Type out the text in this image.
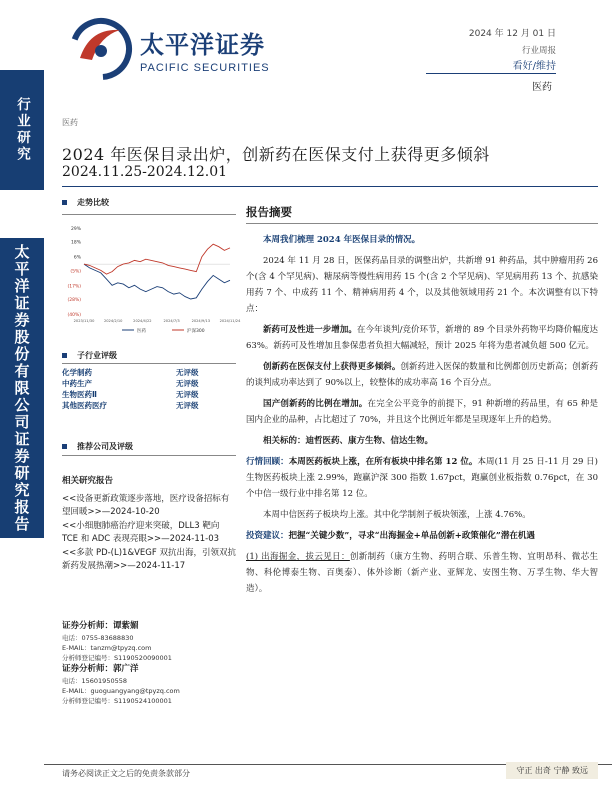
行业研究
太平洋证券股份有限公司证券研究报告
太平洋证券
PACIFIC SECURITIES
2024 年 12 月 01 日
行业周报
看好/维持
医药
医药
2024 年医保目录出炉，创新药在医保支付上获得更多倾斜
2024.11.25-2024.12.01
走势比较
29%
18%
6%
(5%)
(17%)
(28%)
(40%)
2023/11/30	2024/2/10	2024/4/22	2024/7/3	2024/9/13	2024/11/24
医药	沪深300
子行业评级
化学制药	无评级
中药生产	无评级
生物医药Ⅱ	无评级
其他医药医疗	无评级
推荐公司及评级
相关研究报告
<<设备更新政策逐步落地，医疗设备招标有望回暖>>—2024-10-20
<<小细胞肺癌治疗迎来突破，DLL3 靶向 TCE 和 ADC 表现亮眼>>—2024-11-03
<<多款 PD-(L)1&VEGF 双抗出海，引领双抗新药发展热潮>>—2024-11-17
证券分析师：谭紫媚
电话：0755-83688830
E-MAIL：tanzm@tpyzq.com
分析师登记编号：S1190520090001
证券分析师：郭广洋
电话：15601950558
E-MAIL：guoguangyang@tpyzq.com
分析师登记编号：S1190524100001
报告摘要
本周我们梳理 2024 年医保目录的情况。
2024 年 11 月 28 日，医保药品目录的调整出炉，共新增 91 种药品，其中肿瘤用药 26 个(含 4 个罕见病)、糖尿病等慢性病用药 15 个(含 2 个罕见病)、罕见病用药 13 个、抗感染用药 7 个、中成药 11 个、精神病用药 4 个，以及其他领域用药 21 个。本次调整有以下特点：
新药可及性进一步增加。在今年谈判/竞价环节，新增的 89 个目录外药物平均降价幅度达 63%。新药可及性增加且参保患者负担大幅减轻，预计 2025 年将为患者减负超 500 亿元。
创新药在医保支付上获得更多倾斜。创新药进入医保的数量和比例都创历史新高；创新药的谈判成功率达到了 90%以上，较整体的成功率高 16 个百分点。
国产创新药的比例在增加。在完全公平竞争的前提下，91 种新增的药品里，有 65 种是国内企业的品种，占比超过了 70%，并且这个比例近年都是呈现逐年上升的趋势。
相关标的：迪哲医药、康方生物、信达生物。
行情回顾：本周医药板块上涨，在所有板块中排名第 12 位。本周(11 月 25 日-11 月 29 日)生物医药板块上涨 2.99%，跑赢沪深 300 指数 1.67pct，跑赢创业板指数 0.76pct，在 30 个中信一级行业中排名第 12 位。
本周中信医药子板块均上涨。其中化学制剂子板块领涨，上涨 4.76%。
投资建议：把握“关键少数”，寻求“出海掘金+单品创新+政策催化”潜在机遇
(1) 出海掘金，拔云见日：创新制药（康方生物、药明合联、乐普生物、宜明昂科、微芯生物、科伦博泰生物、百奥泰）、体外诊断（新产业、亚辉龙、安图生物、万孚生物、华大智造）。
请务必阅读正文之后的免责条款部分	守正 出奇 宁静 致远
